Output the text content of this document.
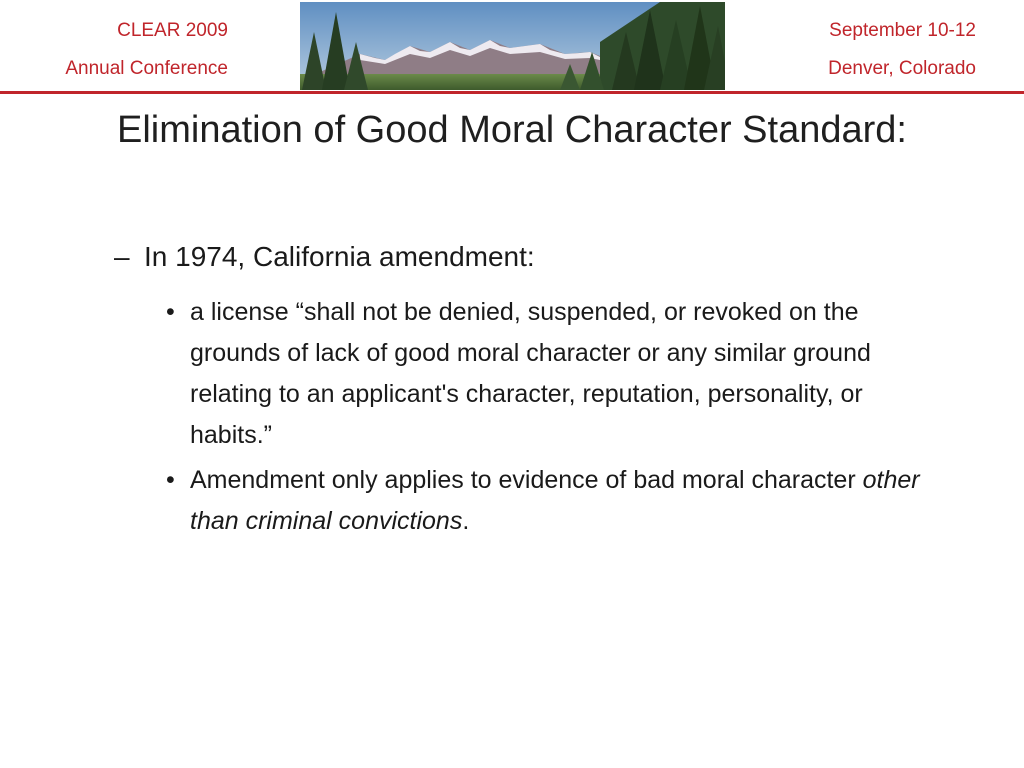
CLEAR 2009
Annual Conference
September 10-12
Denver, Colorado
Elimination of Good Moral Character Standard:
– In 1974, California amendment:
• a license “shall not be denied, suspended, or revoked on the grounds of lack of good moral character or any similar ground relating to an applicant's character, reputation, personality, or habits.”
• Amendment only applies to evidence of bad moral character other than criminal convictions.
